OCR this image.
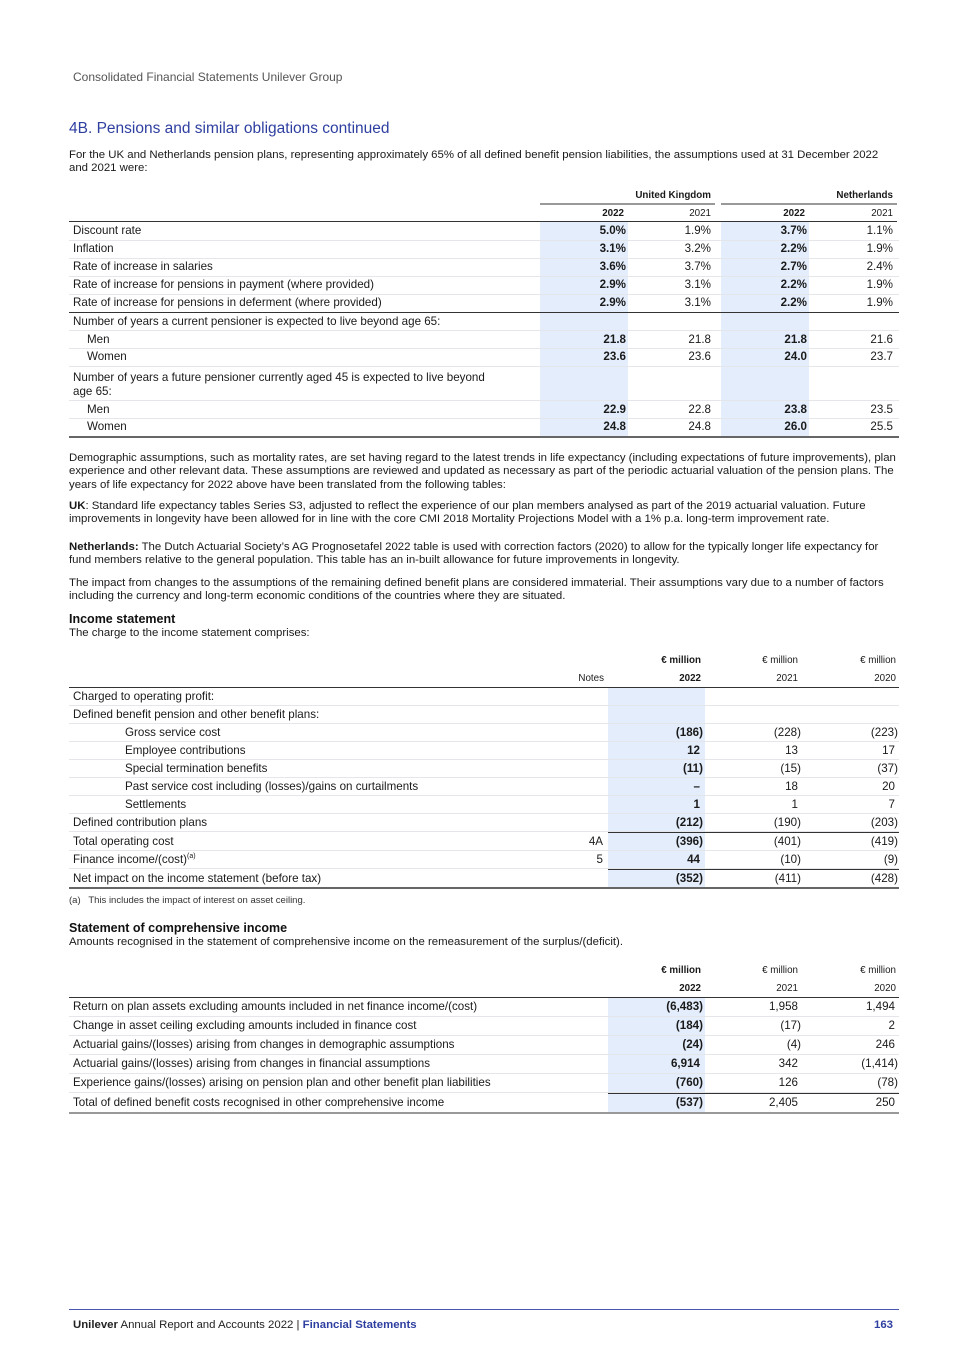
Consolidated Financial Statements Unilever Group
4B. Pensions and similar obligations continued
For the UK and Netherlands pension plans, representing approximately 65% of all defined benefit pension liabilities, the assumptions used at 31 December 2022 and 2021 were:
United Kingdom	Netherlands
2022	2021	2022	2021
Discount rate	5.0%	1.9%	3.7%	1.1%
Inflation	3.1%	3.2%	2.2%	1.9%
Rate of increase in salaries	3.6%	3.7%	2.7%	2.4%
Rate of increase for pensions in payment (where provided)	2.9%	3.1%	2.2%	1.9%
Rate of increase for pensions in deferment (where provided)	2.9%	3.1%	2.2%	1.9%
Number of years a current pensioner is expected to live beyond age 65:
Men	21.8	21.8	21.8	21.6
Women	23.6	23.6	24.0	23.7
Number of years a future pensioner currently aged 45 is expected to live beyond
age 65:
Men	22.9	22.8	23.8	23.5
Women	24.8	24.8	26.0	25.5
Demographic assumptions, such as mortality rates, are set having regard to the latest trends in life expectancy (including expectations of future improvements), plan experience and other relevant data. These assumptions are reviewed and updated as necessary as part of the periodic actuarial valuation of the pension plans. The years of life expectancy for 2022 above have been translated from the following tables:
UK: Standard life expectancy tables Series S3, adjusted to reflect the experience of our plan members analysed as part of the 2019 actuarial valuation. Future improvements in longevity have been allowed for in line with the core CMI 2018 Mortality Projections Model with a 1% p.a. long-term improvement rate.
Netherlands: The Dutch Actuarial Society’s AG Prognosetafel 2022 table is used with correction factors (2020) to allow for the typically longer life expectancy for fund members relative to the general population. This table has an in-built allowance for future improvements in longevity.
The impact from changes to the assumptions of the remaining defined benefit plans are considered immaterial. Their assumptions vary due to a number of factors including the currency and long-term economic conditions of the countries where they are situated.
Income statement
The charge to the income statement comprises:
€ million	€ million	€ million
Notes	2022	2021	2020
Charged to operating profit:
Defined benefit pension and other benefit plans:
Gross service cost	(186)	(228)	(223)
Employee contributions	12	13	17
Special termination benefits	(11)	(15)	(37)
Past service cost including (losses)/gains on curtailments	–	18	20
Settlements	1	1	7
Defined contribution plans	(212)	(190)	(203)
Total operating cost	4A	(396)	(401)	(419)
Finance income/$(\cos t)^{(a)}$	5	44	(10)	(9)
Net impact on the income statement (before tax)	(352)	(411)	(428)
(a)   This includes the impact of interest on asset ceiling.
Statement of comprehensive income
Amounts recognised in the statement of comprehensive income on the remeasurement of the surplus/(deficit).
€ million	€ million	€ million
2022	2021	2020
Return on plan assets excluding amounts included in net finance income/(cost)	(6,483)	1,958	1,494
Change in asset ceiling excluding amounts included in finance cost	(184)	(17)	2
Actuarial gains/(losses) arising from changes in demographic assumptions	(24)	(4)	246
Actuarial gains/(losses) arising from changes in financial assumptions	6,914	342	(1,414)
Experience gains/(losses) arising on pension plan and other benefit plan liabilities	(760)	126	(78)
Total of defined benefit costs recognised in other comprehensive income	(537)	2,405	250
Unilever Annual Report and Accounts 2022 | Financial Statements	163
